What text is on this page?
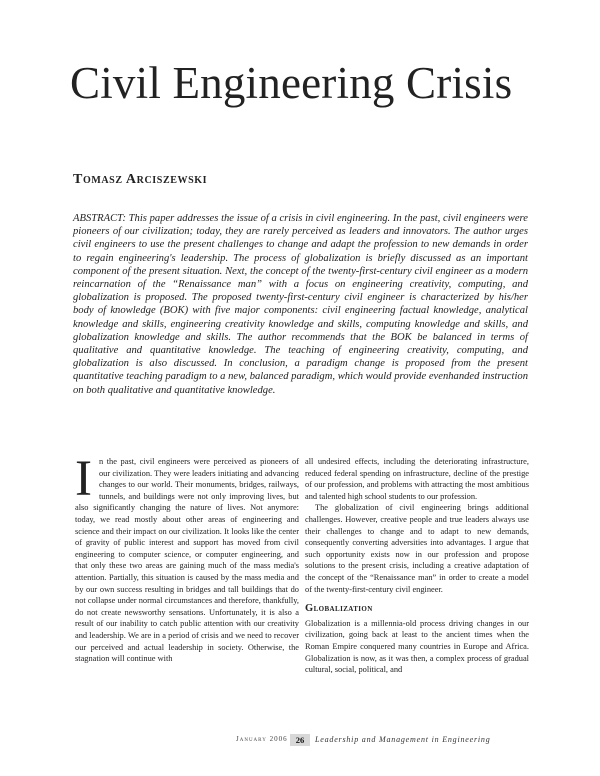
Civil Engineering Crisis
Tomasz Arciszewski

ABSTRACT: This paper addresses the issue of a crisis in civil engineering. In the past, civil engineers were pioneers of our civilization; today, they are rarely perceived as leaders and innovators. The author urges civil engineers to use the present challenges to change and adapt the profession to new demands in order to regain engineering's leadership. The process of globalization is briefly discussed as an important component of the present situation. Next, the concept of the twenty-first-century civil engineer as a modern reincarnation of the “Renaissance man” with a focus on engineering creativity, computing, and globalization is proposed. The proposed twenty-first-century civil engineer is characterized by his/her body of knowledge (BOK) with five major components: civil engineering factual knowledge, analytical knowledge and skills, engineering creativity knowledge and skills, computing knowledge and skills, and globalization knowledge and skills. The author recommends that the BOK be balanced in terms of qualitative and quantitative knowledge. The teaching of engineering creativity, computing, and globalization is also discussed. In conclusion, a paradigm change is proposed from the present quantitative teaching paradigm to a new, balanced paradigm, which would provide evenhanded instruction on both qualitative and quantitative knowledge.

I n the past, civil engineers were perceived as pioneers of our civilization. They were leaders initiating and advancing changes to our world. Their monuments, bridges, railways, tunnels, and buildings were not only improving lives, but also significantly changing the nature of lives. Not anymore: today, we read mostly about other areas of engineering and science and their impact on our civilization. It looks like the center of gravity of public interest and support has moved from civil engineering to computer science, or computer engineering, and that only these two areas are gaining much of the mass media's attention. Partially, this situation is caused by the mass media and by our own success resulting in bridges and tall buildings that do not collapse under normal circumstances and therefore, thankfully, do not create newsworthy sensations. Unfortunately, it is also a result of our inability to catch public attention with our creativity and leadership. We are in a period of crisis and we need to recover our perceived and actual leadership in society. Otherwise, the stagnation will continue with

all undesired effects, including the deteriorating infrastructure, reduced federal spending on infrastructure, decline of the prestige of our profession, and problems with attracting the most ambitious and talented high school students to our profession.

The globalization of civil engineering brings additional challenges. However, creative people and true leaders always use their challenges to change and to adapt to new demands, consequently converting adversities into advantages. I argue that such opportunity exists now in our profession and propose solutions to the present crisis, including a creative adaptation of the concept of the “Renaissance man” in order to create a model of the twenty-first-century civil engineer.

Globalization

Globalization is a millennia-old process driving changes in our civilization, going back at least to the ancient times when the Roman Empire conquered many countries in Europe and Africa. Globalization is now, as it was then, a complex process of gradual cultural, social, political, and

January 2006 26	Leadership and Management in Engineering
